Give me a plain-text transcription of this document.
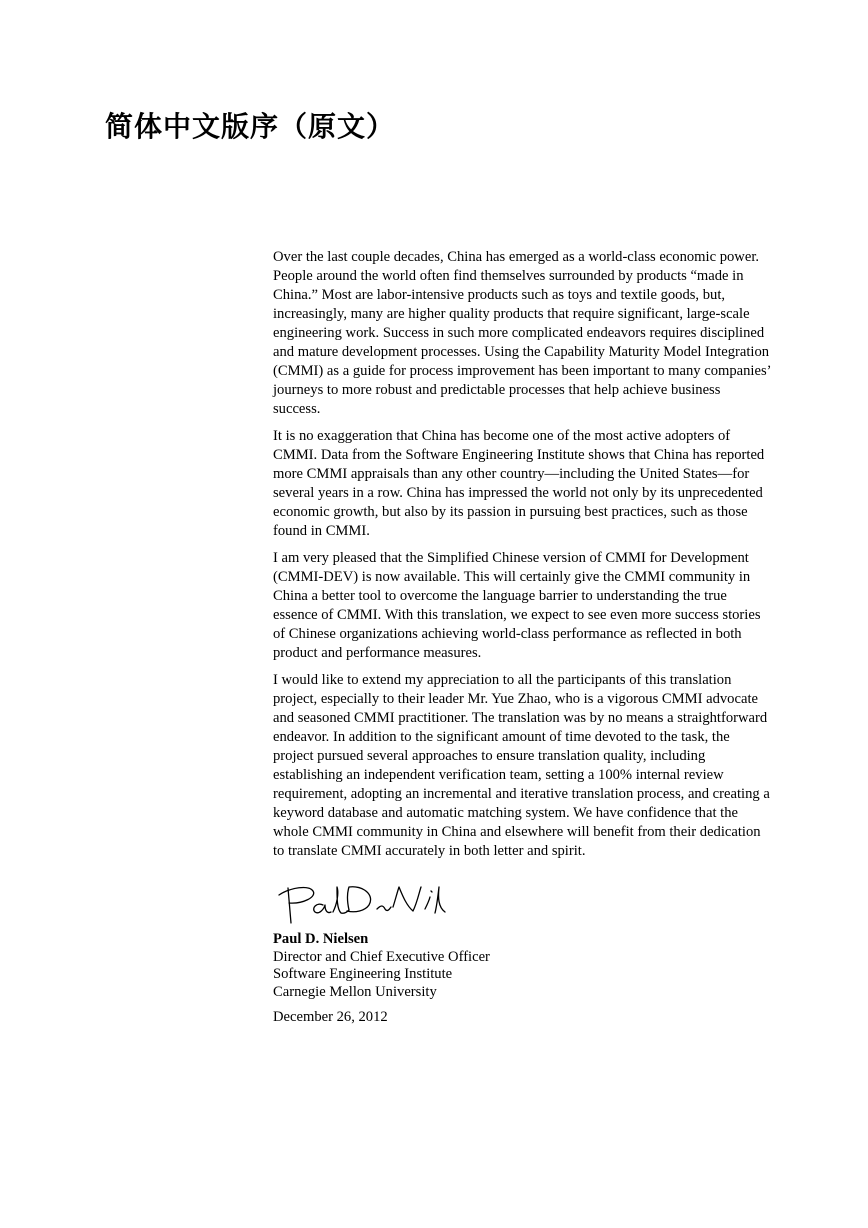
简体中文版序（原文）

Over the last couple decades, China has emerged as a world-class economic power. People around the world often find themselves surrounded by products “made in China.” Most are labor-intensive products such as toys and textile goods, but, increasingly, many are higher quality products that require significant, large-scale engineering work. Success in such more complicated endeavors requires disciplined and mature development processes. Using the Capability Maturity Model Integration (CMMI) as a guide for process improvement has been important to many companies’ journeys to more robust and predictable processes that help achieve business success.

It is no exaggeration that China has become one of the most active adopters of CMMI. Data from the Software Engineering Institute shows that China has reported more CMMI appraisals than any other country—including the United States—for several years in a row. China has impressed the world not only by its unprecedented economic growth, but also by its passion in pursuing best practices, such as those found in CMMI.

I am very pleased that the Simplified Chinese version of CMMI for Development (CMMI-DEV) is now available. This will certainly give the CMMI community in China a better tool to overcome the language barrier to understanding the true essence of CMMI. With this translation, we expect to see even more success stories of Chinese organizations achieving world-class performance as reflected in both product and performance measures.

I would like to extend my appreciation to all the participants of this translation project, especially to their leader Mr. Yue Zhao, who is a vigorous CMMI advocate and seasoned CMMI practitioner. The translation was by no means a straightforward endeavor. In addition to the significant amount of time devoted to the task, the project pursued several approaches to ensure translation quality, including establishing an independent verification team, setting a 100% internal review requirement, adopting an incremental and iterative translation process, and creating a keyword database and automatic matching system. We have confidence that the whole CMMI community in China and elsewhere will benefit from their dedication to translate CMMI accurately in both letter and spirit.

Paul D. Nielsen
Director and Chief Executive Officer
Software Engineering Institute
Carnegie Mellon University
December 26, 2012
